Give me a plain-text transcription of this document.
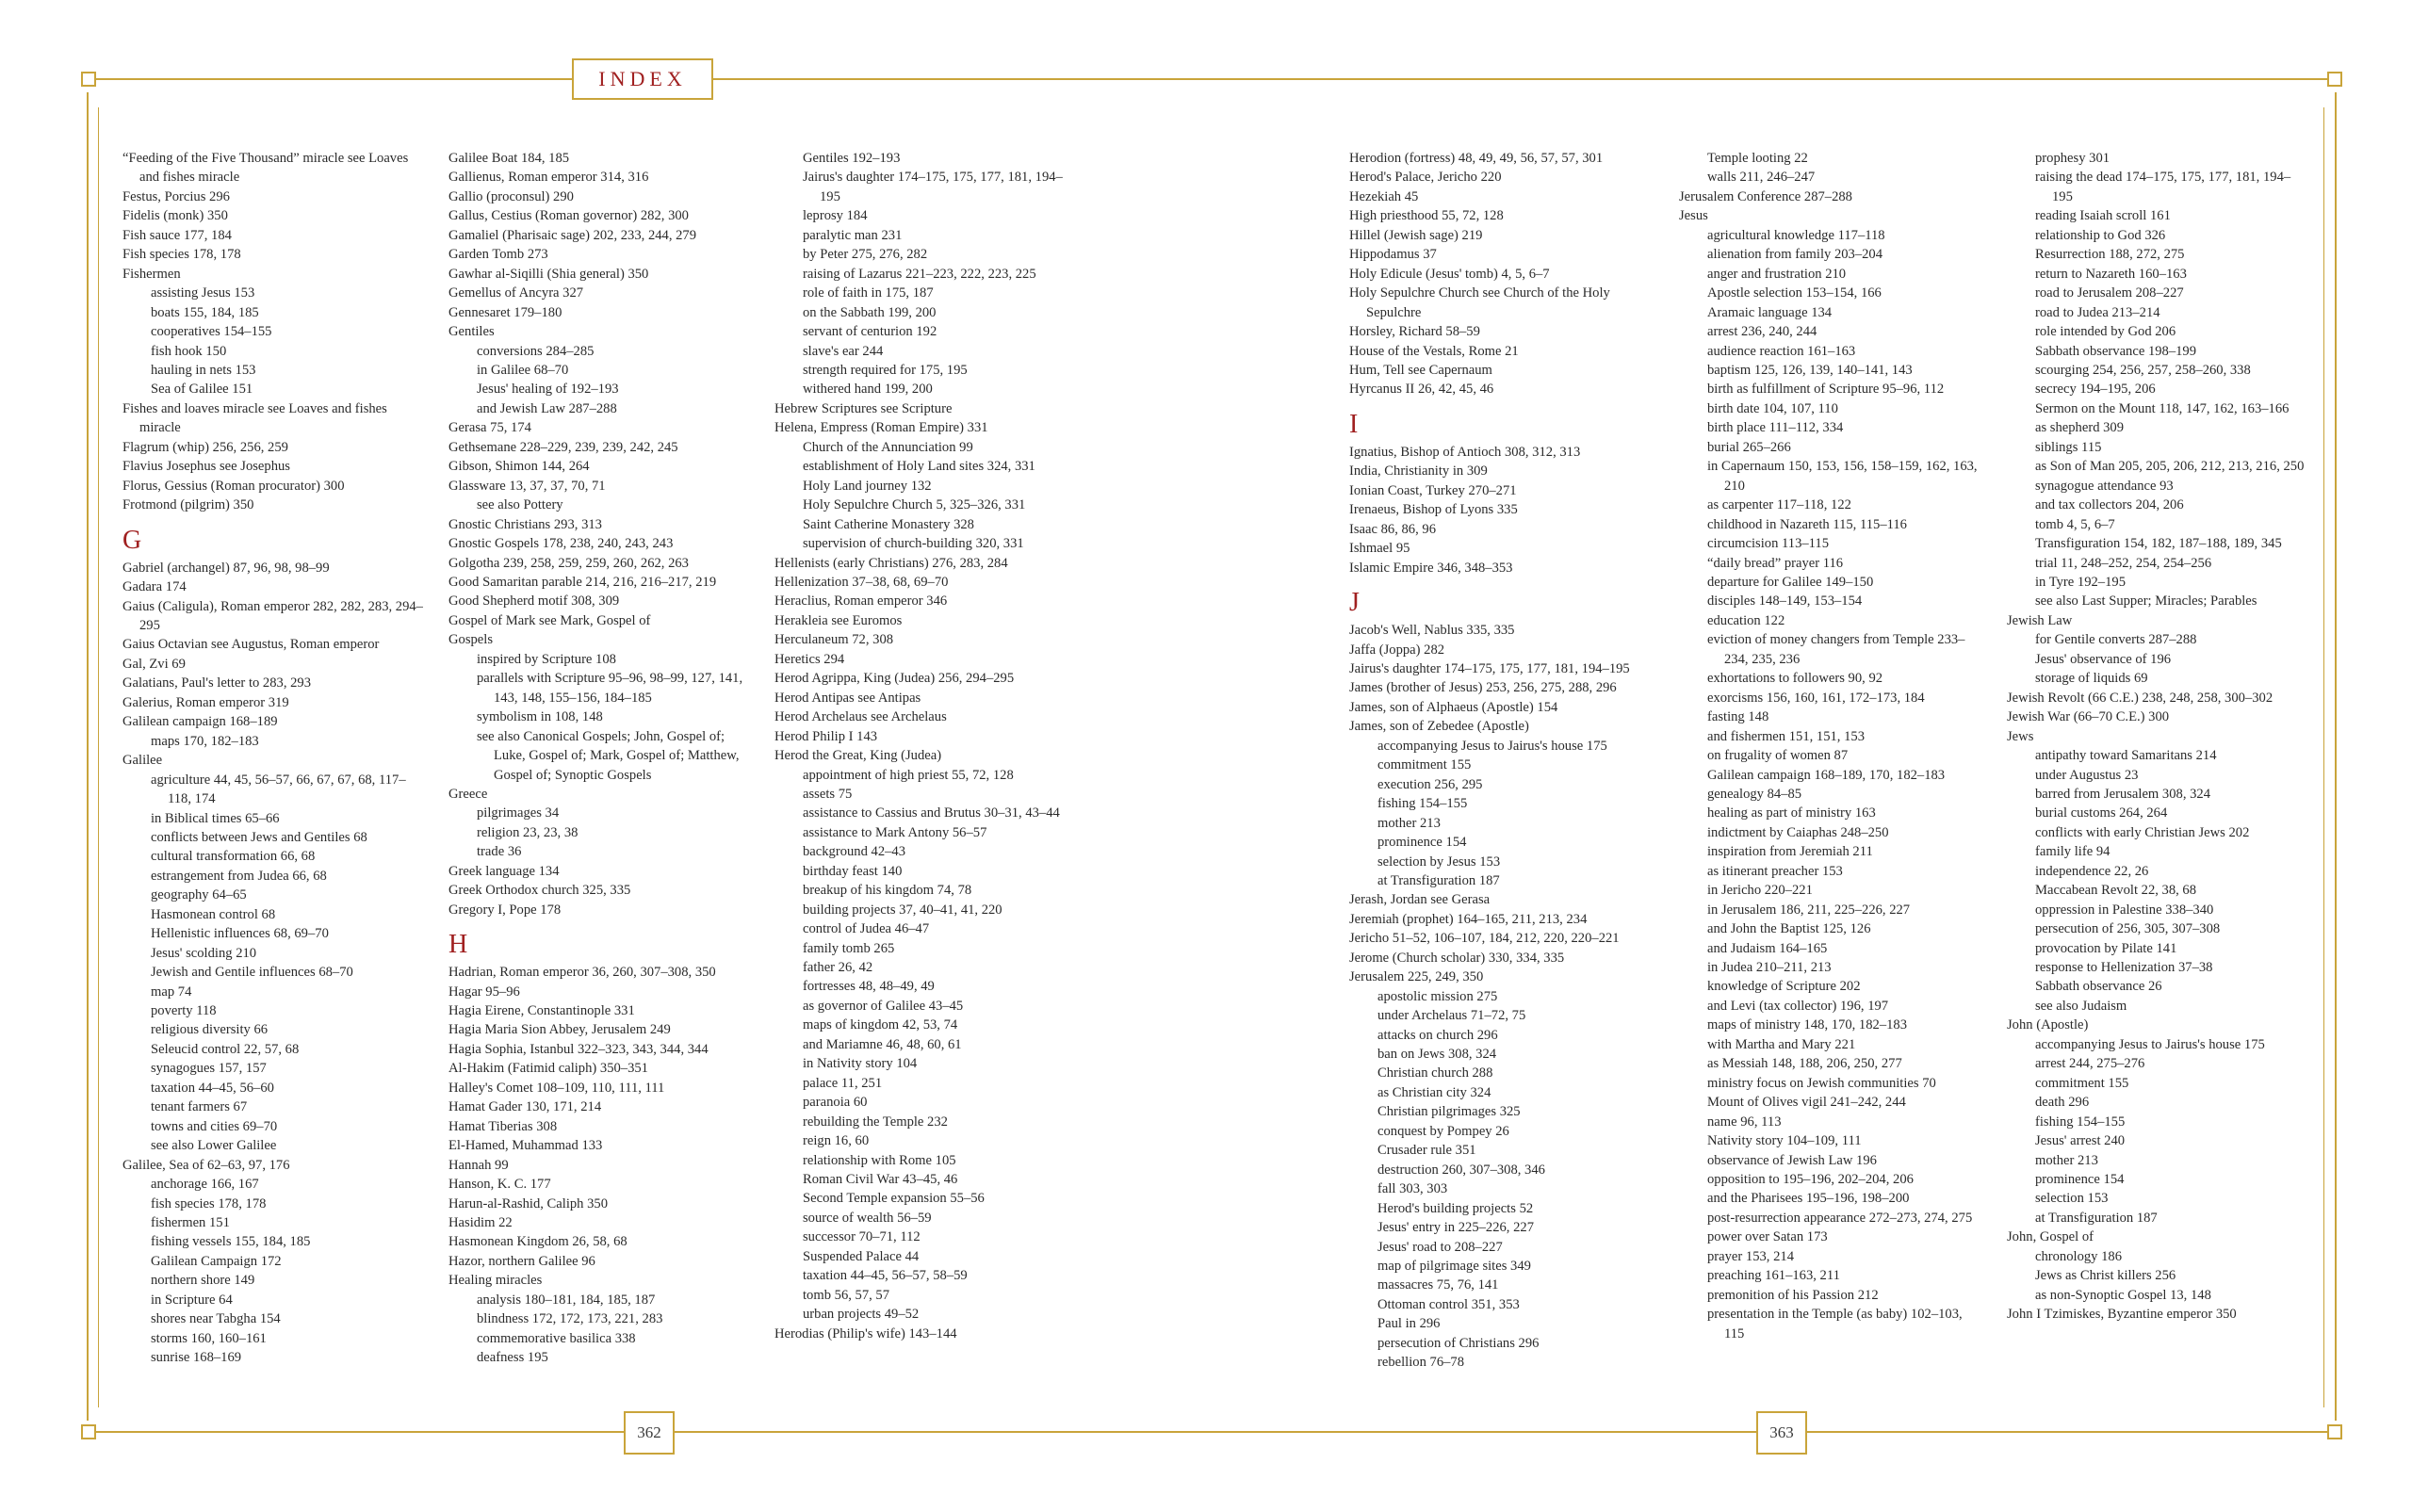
INDEX
362	363

“Feeding of the Five Thousand” miracle see Loaves and fishes miracle

Festus, Porcius 296

Fidelis (monk) 350

Fish sauce 177, 184

Fish species 178, 178

Fishermen

assisting Jesus 153

boats 155, 184, 185

cooperatives 154–155

fish hook 150

hauling in nets 153

Sea of Galilee 151

Fishes and loaves miracle see Loaves and fishes miracle

Flagrum (whip) 256, 256, 259

Flavius Josephus see Josephus

Florus, Gessius (Roman procurator) 300

Frotmond (pilgrim) 350

G

Gabriel (archangel) 87, 96, 98, 98–99

Gadara 174

Gaius (Caligula), Roman emperor 282, 282, 283, 294–295

Gaius Octavian see Augustus, Roman emperor

Gal, Zvi 69

Galatians, Paul's letter to 283, 293

Galerius, Roman emperor 319

Galilean campaign 168–189

maps 170, 182–183

Galilee

agriculture 44, 45, 56–57, 66, 67, 67, 68, 117–118, 174

in Biblical times 65–66

conflicts between Jews and Gentiles 68

cultural transformation 66, 68

estrangement from Judea 66, 68

geography 64–65

Hasmonean control 68

Hellenistic influences 68, 69–70

Jesus' scolding 210

Jewish and Gentile influences 68–70

map 74

poverty 118

religious diversity 66

Seleucid control 22, 57, 68

synagogues 157, 157

taxation 44–45, 56–60

tenant farmers 67

towns and cities 69–70

see also Lower Galilee

Galilee, Sea of 62–63, 97, 176

anchorage 166, 167

fish species 178, 178

fishermen 151

fishing vessels 155, 184, 185

Galilean Campaign 172

northern shore 149

in Scripture 64

shores near Tabgha 154

storms 160, 160–161

sunrise 168–169

Galilee Boat 184, 185

Gallienus, Roman emperor 314, 316

Gallio (proconsul) 290

Gallus, Cestius (Roman governor) 282, 300

Gamaliel (Pharisaic sage) 202, 233, 244, 279

Garden Tomb 273

Gawhar al-Siqilli (Shia general) 350

Gemellus of Ancyra 327

Gennesaret 179–180

Gentiles

conversions 284–285

in Galilee 68–70

Jesus' healing of 192–193

and Jewish Law 287–288

Gerasa 75, 174

Gethsemane 228–229, 239, 239, 242, 245

Gibson, Shimon 144, 264

Glassware 13, 37, 37, 70, 71

see also Pottery

Gnostic Christians 293, 313

Gnostic Gospels 178, 238, 240, 243, 243

Golgotha 239, 258, 259, 259, 260, 262, 263

Good Samaritan parable 214, 216, 216–217, 219

Good Shepherd motif 308, 309

Gospel of Mark see Mark, Gospel of

Gospels

inspired by Scripture 108

parallels with Scripture 95–96, 98–99, 127, 141, 143, 148, 155–156, 184–185

symbolism in 108, 148

see also Canonical Gospels; John, Gospel of; Luke, Gospel of; Mark, Gospel of; Matthew, Gospel of; Synoptic Gospels

Greece

pilgrimages 34

religion 23, 23, 38

trade 36

Greek language 134

Greek Orthodox church 325, 335

Gregory I, Pope 178

H

Hadrian, Roman emperor 36, 260, 307–308, 350

Hagar 95–96

Hagia Eirene, Constantinople 331

Hagia Maria Sion Abbey, Jerusalem 249

Hagia Sophia, Istanbul 322–323, 343, 344, 344

Al-Hakim (Fatimid caliph) 350–351

Halley's Comet 108–109, 110, 111, 111

Hamat Gader 130, 171, 214

Hamat Tiberias 308

El-Hamed, Muhammad 133

Hannah 99

Hanson, K. C. 177

Harun-al-Rashid, Caliph 350

Hasidim 22

Hasmonean Kingdom 26, 58, 68

Hazor, northern Galilee 96

Healing miracles

analysis 180–181, 184, 185, 187

blindness 172, 172, 173, 221, 283

commemorative basilica 338

deafness 195

Gentiles 192–193

Jairus's daughter 174–175, 175, 177, 181, 194–195

leprosy 184

paralytic man 231

by Peter 275, 276, 282

raising of Lazarus 221–223, 222, 223, 225

role of faith in 175, 187

on the Sabbath 199, 200

servant of centurion 192

slave's ear 244

strength required for 175, 195

withered hand 199, 200

Hebrew Scriptures see Scripture

Helena, Empress (Roman Empire) 331

Church of the Annunciation 99

establishment of Holy Land sites 324, 331

Holy Land journey 132

Holy Sepulchre Church 5, 325–326, 331

Saint Catherine Monastery 328

supervision of church-building 320, 331

Hellenists (early Christians) 276, 283, 284

Hellenization 37–38, 68, 69–70

Heraclius, Roman emperor 346

Herakleia see Euromos

Herculaneum 72, 308

Heretics 294

Herod Agrippa, King (Judea) 256, 294–295

Herod Antipas see Antipas

Herod Archelaus see Archelaus

Herod Philip I 143

Herod the Great, King (Judea)

appointment of high priest 55, 72, 128

assets 75

assistance to Cassius and Brutus 30–31, 43–44

assistance to Mark Antony 56–57

background 42–43

birthday feast 140

breakup of his kingdom 74, 78

building projects 37, 40–41, 41, 220

control of Judea 46–47

family tomb 265

father 26, 42

fortresses 48, 48–49, 49

as governor of Galilee 43–45

maps of kingdom 42, 53, 74

and Mariamne 46, 48, 60, 61

in Nativity story 104

palace 11, 251

paranoia 60

rebuilding the Temple 232

reign 16, 60

relationship with Rome 105

Roman Civil War 43–45, 46

Second Temple expansion 55–56

source of wealth 56–59

successor 70–71, 112

Suspended Palace 44

taxation 44–45, 56–57, 58–59

tomb 56, 57, 57

urban projects 49–52

Herodias (Philip's wife) 143–144

Herodion (fortress) 48, 49, 49, 56, 57, 57, 301

Herod's Palace, Jericho 220

Hezekiah 45

High priesthood 55, 72, 128

Hillel (Jewish sage) 219

Hippodamus 37

Holy Edicule (Jesus' tomb) 4, 5, 6–7

Holy Sepulchre Church see Church of the Holy Sepulchre

Horsley, Richard 58–59

House of the Vestals, Rome 21

Hum, Tell see Capernaum

Hyrcanus II 26, 42, 45, 46

I

Ignatius, Bishop of Antioch 308, 312, 313

India, Christianity in 309

Ionian Coast, Turkey 270–271

Irenaeus, Bishop of Lyons 335

Isaac 86, 86, 96

Ishmael 95

Islamic Empire 346, 348–353

J

Jacob's Well, Nablus 335, 335

Jaffa (Joppa) 282

Jairus's daughter 174–175, 175, 177, 181, 194–195

James (brother of Jesus) 253, 256, 275, 288, 296

James, son of Alphaeus (Apostle) 154

James, son of Zebedee (Apostle)

accompanying Jesus to Jairus's house 175

commitment 155

execution 256, 295

fishing 154–155

mother 213

prominence 154

selection by Jesus 153

at Transfiguration 187

Jerash, Jordan see Gerasa

Jeremiah (prophet) 164–165, 211, 213, 234

Jericho 51–52, 106–107, 184, 212, 220, 220–221

Jerome (Church scholar) 330, 334, 335

Jerusalem 225, 249, 350

apostolic mission 275

under Archelaus 71–72, 75

attacks on church 296

ban on Jews 308, 324

Christian church 288

as Christian city 324

Christian pilgrimages 325

conquest by Pompey 26

Crusader rule 351

destruction 260, 307–308, 346

fall 303, 303

Herod's building projects 52

Jesus' entry in 225–226, 227

Jesus' road to 208–227

map of pilgrimage sites 349

massacres 75, 76, 141

Ottoman control 351, 353

Paul in 296

persecution of Christians 296

rebellion 76–78

Temple looting 22

walls 211, 246–247

Jerusalem Conference 287–288

Jesus

agricultural knowledge 117–118

alienation from family 203–204

anger and frustration 210

Apostle selection 153–154, 166

Aramaic language 134

arrest 236, 240, 244

audience reaction 161–163

baptism 125, 126, 139, 140–141, 143

birth as fulfillment of Scripture 95–96, 112

birth date 104, 107, 110

birth place 111–112, 334

burial 265–266

in Capernaum 150, 153, 156, 158–159, 162, 163, 210

as carpenter 117–118, 122

childhood in Nazareth 115, 115–116

circumcision 113–115

“daily bread” prayer 116

departure for Galilee 149–150

disciples 148–149, 153–154

education 122

eviction of money changers from Temple 233–234, 235, 236

exhortations to followers 90, 92

exorcisms 156, 160, 161, 172–173, 184

fasting 148

and fishermen 151, 151, 153

on frugality of women 87

Galilean campaign 168–189, 170, 182–183

genealogy 84–85

healing as part of ministry 163

indictment by Caiaphas 248–250

inspiration from Jeremiah 211

as itinerant preacher 153

in Jericho 220–221

in Jerusalem 186, 211, 225–226, 227

and John the Baptist 125, 126

and Judaism 164–165

in Judea 210–211, 213

knowledge of Scripture 202

and Levi (tax collector) 196, 197

maps of ministry 148, 170, 182–183

with Martha and Mary 221

as Messiah 148, 188, 206, 250, 277

ministry focus on Jewish communities 70

Mount of Olives vigil 241–242, 244

name 96, 113

Nativity story 104–109, 111

observance of Jewish Law 196

opposition to 195–196, 202–204, 206

and the Pharisees 195–196, 198–200

post-resurrection appearance 272–273, 274, 275

power over Satan 173

prayer 153, 214

preaching 161–163, 211

premonition of his Passion 212

presentation in the Temple (as baby) 102–103, 115

prophesy 301

raising the dead 174–175, 175, 177, 181, 194–195

reading Isaiah scroll 161

relationship to God 326

Resurrection 188, 272, 275

return to Nazareth 160–163

road to Jerusalem 208–227

road to Judea 213–214

role intended by God 206

Sabbath observance 198–199

scourging 254, 256, 257, 258–260, 338

secrecy 194–195, 206

Sermon on the Mount 118, 147, 162, 163–166

as shepherd 309

siblings 115

as Son of Man 205, 205, 206, 212, 213, 216, 250

synagogue attendance 93

and tax collectors 204, 206

tomb 4, 5, 6–7

Transfiguration 154, 182, 187–188, 189, 345

trial 11, 248–252, 254, 254–256

in Tyre 192–195

see also Last Supper; Miracles; Parables

Jewish Law

for Gentile converts 287–288

Jesus' observance of 196

storage of liquids 69

Jewish Revolt (66 C.E.) 238, 248, 258, 300–302

Jewish War (66–70 C.E.) 300

Jews

antipathy toward Samaritans 214

under Augustus 23

barred from Jerusalem 308, 324

burial customs 264, 264

conflicts with early Christian Jews 202

family life 94

independence 22, 26

Maccabean Revolt 22, 38, 68

oppression in Palestine 338–340

persecution of 256, 305, 307–308

provocation by Pilate 141

response to Hellenization 37–38

Sabbath observance 26

see also Judaism

John (Apostle)

accompanying Jesus to Jairus's house 175

arrest 244, 275–276

commitment 155

death 296

fishing 154–155

Jesus' arrest 240

mother 213

prominence 154

selection 153

at Transfiguration 187

John, Gospel of

chronology 186

Jews as Christ killers 256

as non-Synoptic Gospel 13, 148

John I Tzimiskes, Byzantine emperor 350
